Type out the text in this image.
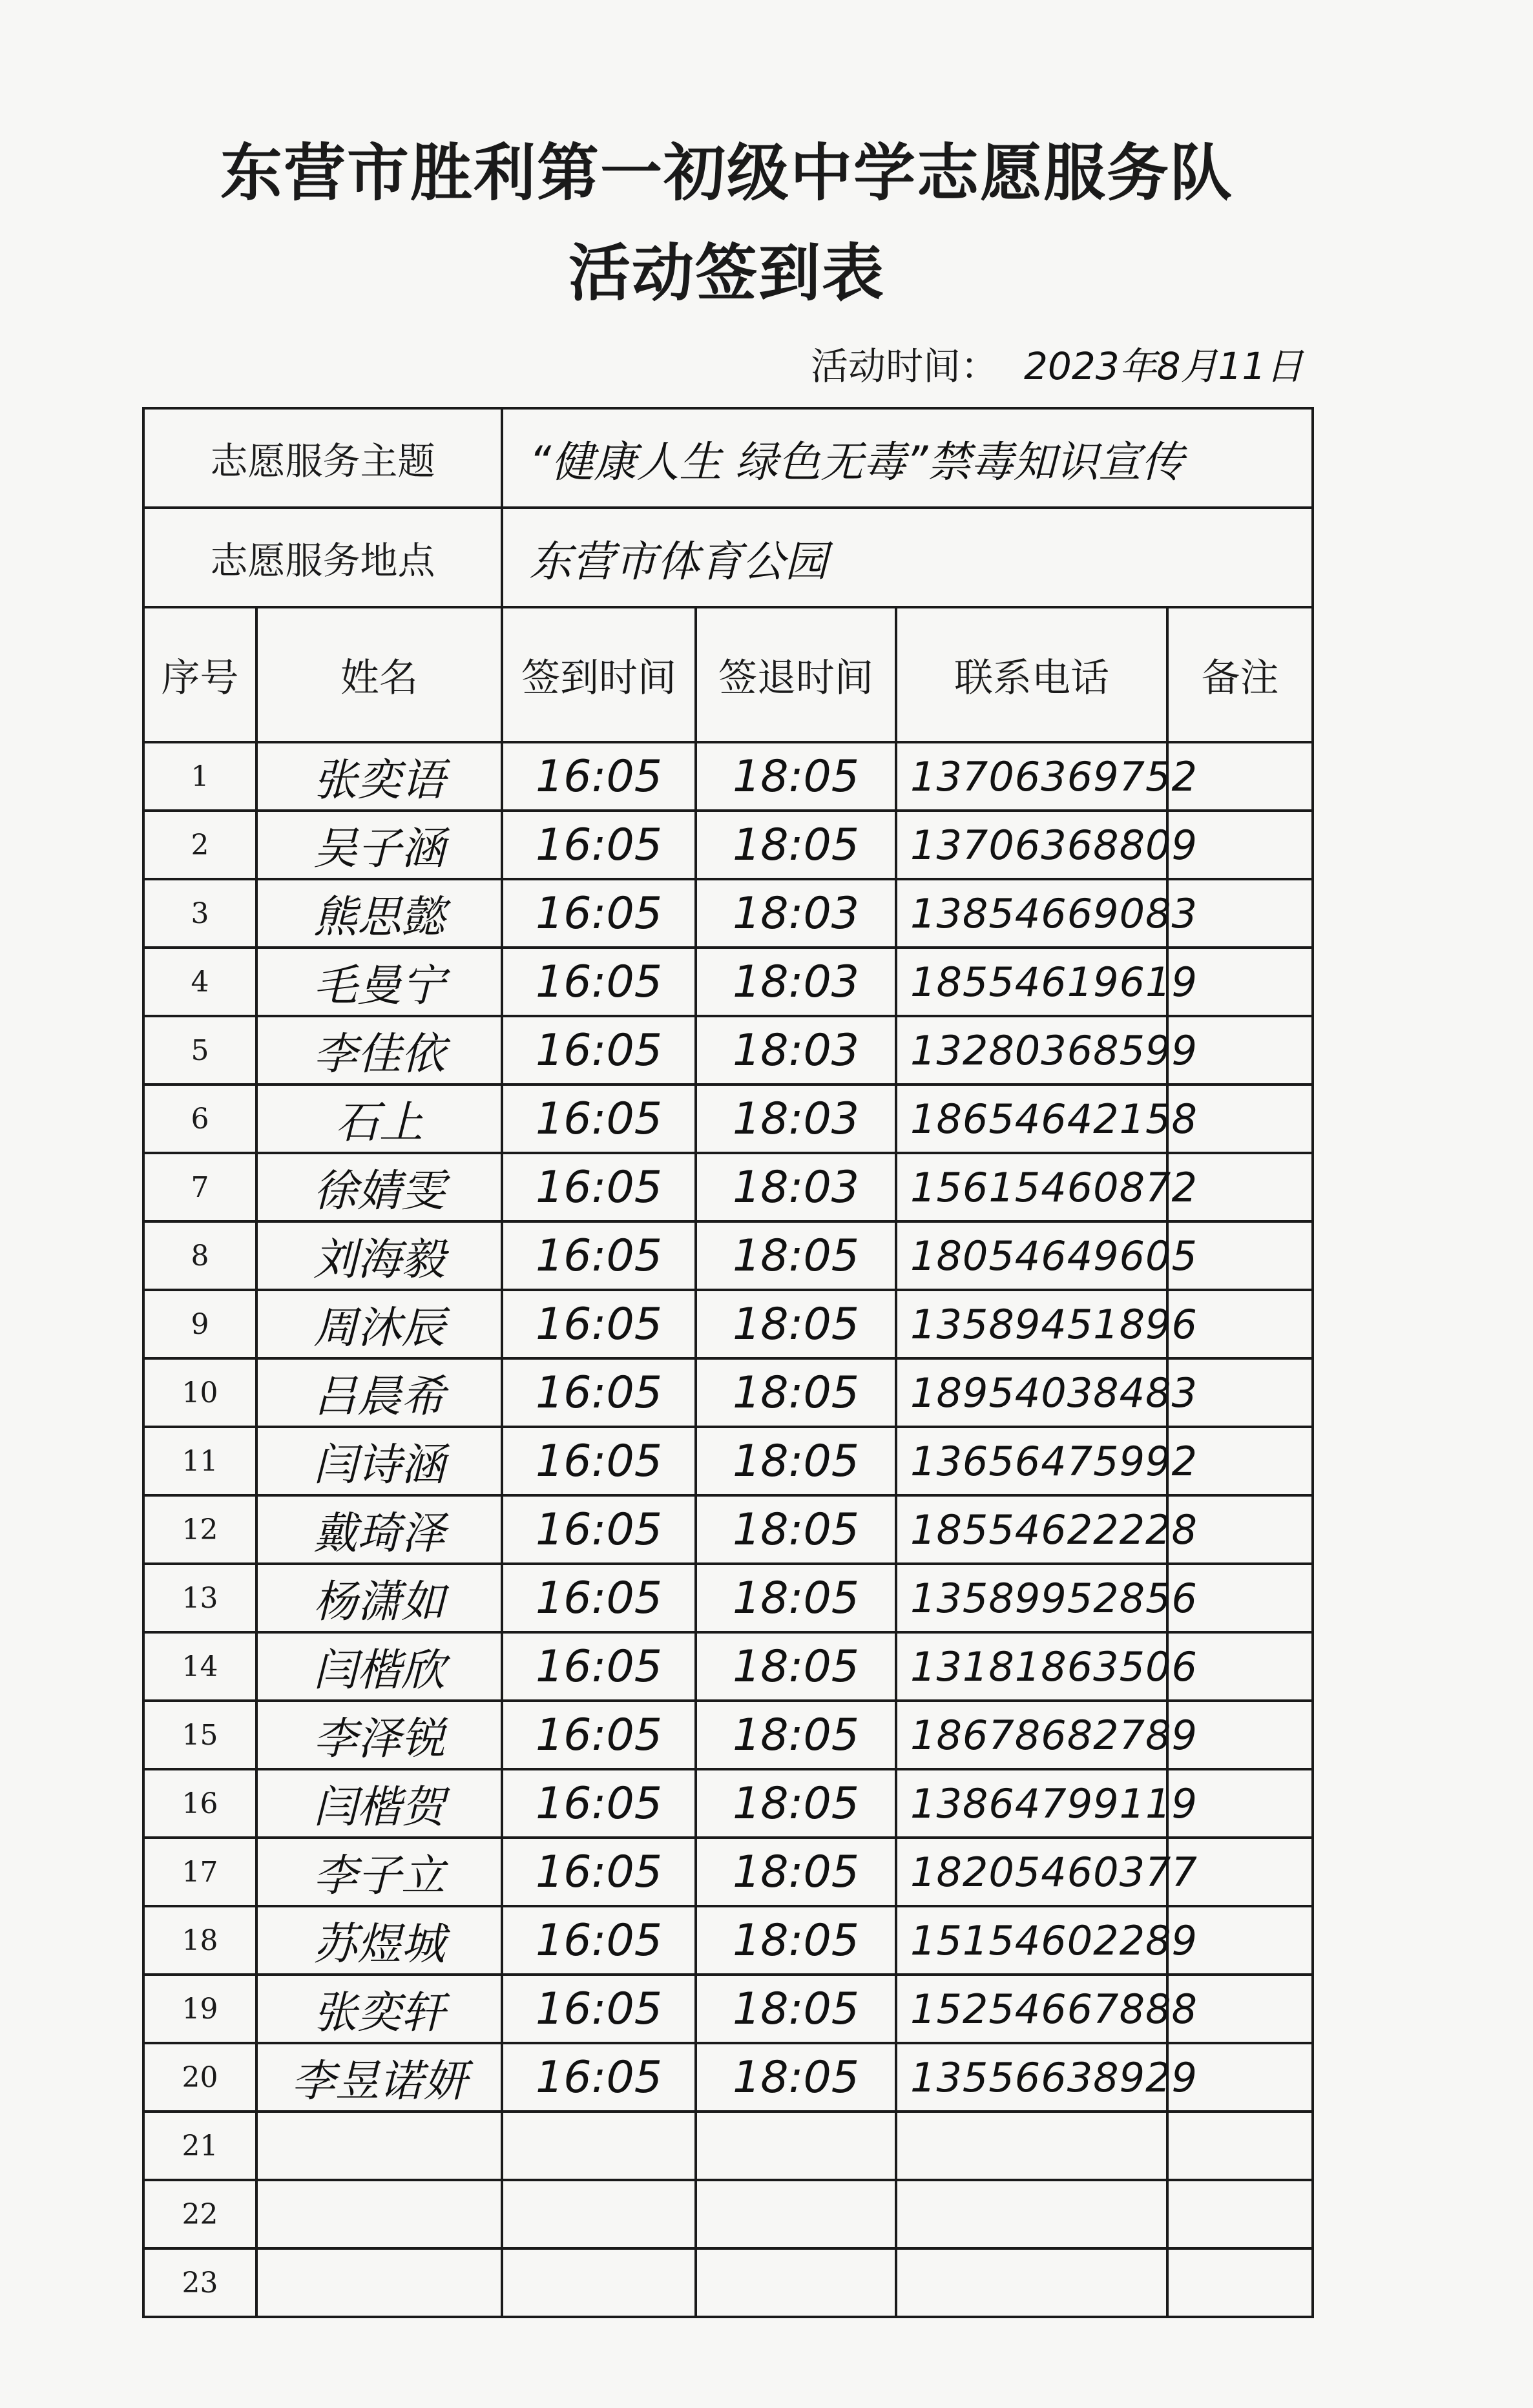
东营市胜利第一初级中学志愿服务队
活动签到表
活动时间： 2023年8月11日
志愿服务主题		“健康人生 绿色无毒”禁毒知识宣传			
志愿服务地点		东营市体育公园			
序号	姓名	签到时间	签退时间	联系电话	备注
1	张奕语	16:05	18:05	13706369752	
2	吴子涵	16:05	18:05	13706368809	
3	熊思懿	16:05	18:03	13854669083	
4	毛曼宁	16:05	18:03	18554619619	
5	李佳依	16:05	18:03	13280368599	
6	石上	16:05	18:03	18654642158	
7	徐婧雯	16:05	18:03	15615460872	
8	刘海毅	16:05	18:05	18054649605	
9	周沐辰	16:05	18:05	13589451896	
10	吕晨希	16:05	18:05	18954038483	
11	闫诗涵	16:05	18:05	13656475992	
12	戴琦泽	16:05	18:05	18554622228	
13	杨潇如	16:05	18:05	13589952856	
14	闫楷欣	16:05	18:05	13181863506	
15	李泽锐	16:05	18:05	18678682789	
16	闫楷贺	16:05	18:05	13864799119	
17	李子立	16:05	18:05	18205460377	
18	苏煜城	16:05	18:05	15154602289	
19	张奕轩	16:05	18:05	15254667888	
20	李昱诺妍	16:05	18:05	13556638929	
21					
22					
23					
